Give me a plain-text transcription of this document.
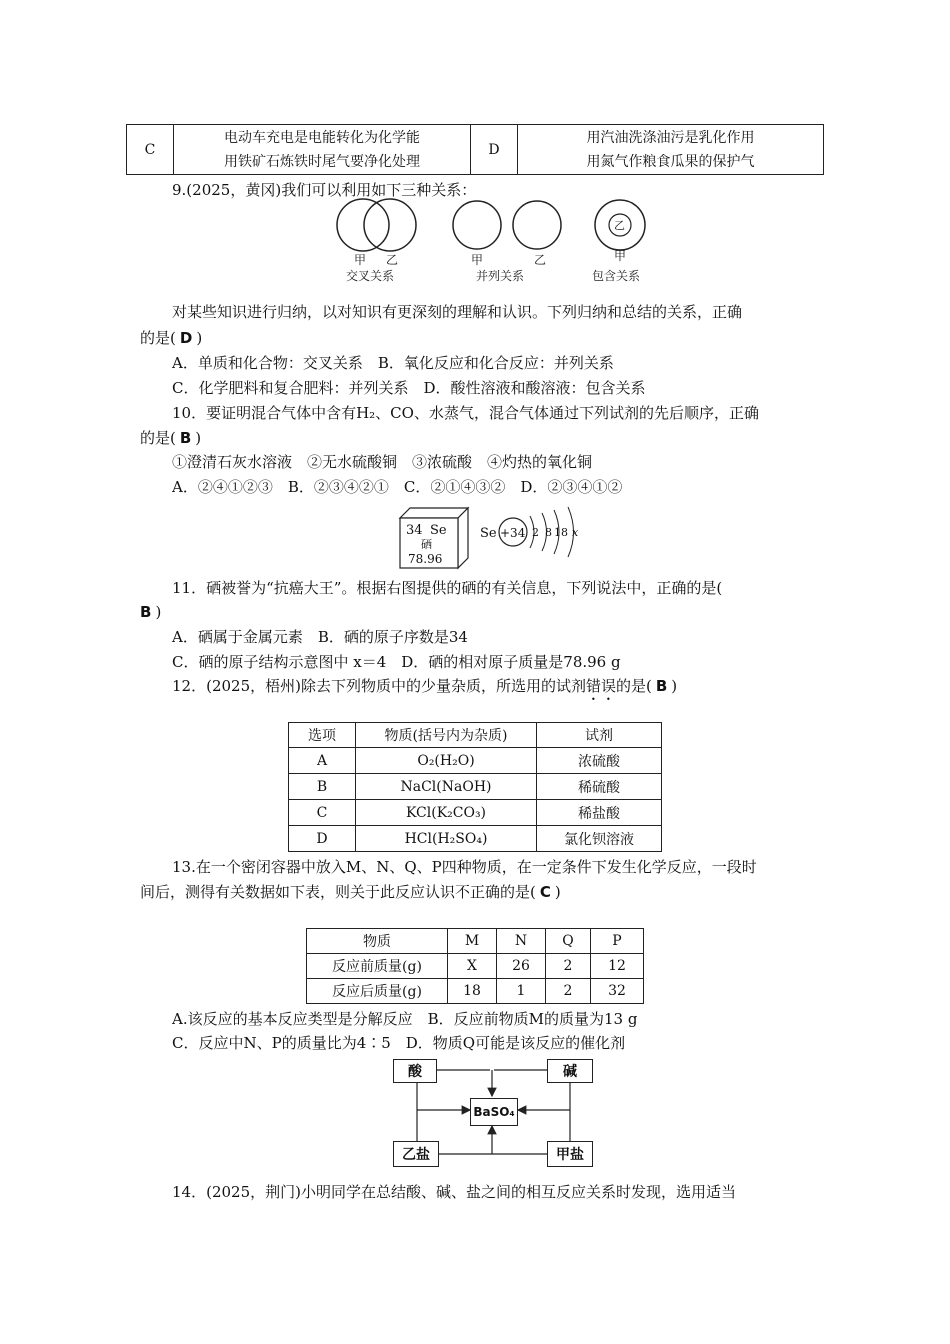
C	
电动车充电是电能转化为化学能
用铁矿石炼铁时尾气要净化处理
	D	
用汽油洗涤油污是乳化作用
用氮气作粮食瓜果的保护气
9.(2025，黄冈)我们可以利用如下三种关系：
甲 乙
交叉关系
甲	乙
并列关系
乙
甲
包含关系
对某些知识进行归纳，以对知识有更深刻的理解和认识。下列归纳和总结的关系，正确
的是( D )
A．单质和化合物：交叉关系　B．氧化反应和化合反应：并列关系
C．化学肥料和复合肥料：并列关系　D．酸性溶液和酸溶液：包含关系
10．要证明混合气体中含有H₂、CO、水蒸气，混合气体通过下列试剂的先后顺序，正确
的是( B )
①澄清石灰水溶液　②无水硫酸铜　③浓硫酸　④灼热的氧化铜
A．②④①②③　B．②③④②①　C．②①④③②　D．②③④①②
34 Se
硒
78.96
Se +34 2 8 18 x
11．硒被誉为“抗癌大王”。根据右图提供的硒的有关信息，下列说法中，正确的是(
B )
A．硒属于金属元素　B．硒的原子序数是34
C．硒的原子结构示意图中 x＝4　D．硒的相对原子质量是78.96 g
12．(2025，梧州)除去下列物质中的少量杂质，所选用的试剂错误的是( B )
选项	物质(括号内为杂质)	试剂
A	O₂(H₂O)	浓硫酸
B	NaCl(NaOH)	稀硫酸
C	KCl(K₂CO₃)	稀盐酸
D	HCl(H₂SO₄)	氯化钡溶液
13.在一个密闭容器中放入M、N、Q、P四种物质，在一定条件下发生化学反应，一段时
间后，测得有关数据如下表，则关于此反应认识不正确的是( C )
物质	M	N	Q	P
反应前质量(g)	X	26	2	12
反应后质量(g)	18	1	2	32
A.该反应的基本反应类型是分解反应　B．反应前物质M的质量为13 g
C．反应中N、P的质量比为4∶5　D．物质Q可能是该反应的催化剂
酸	碱
BaSO₄
乙盐	甲盐
14．(2025，荆门)小明同学在总结酸、碱、盐之间的相互反应关系时发现，选用适当
